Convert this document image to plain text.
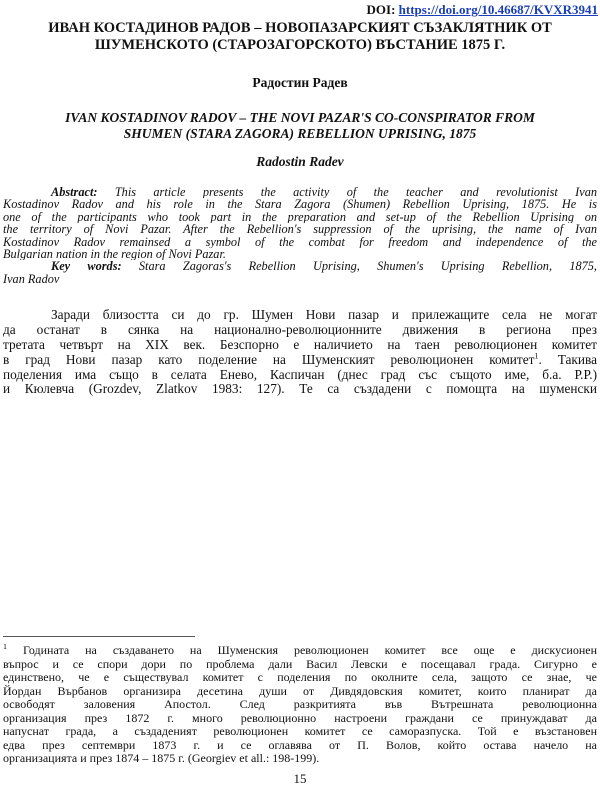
DOI: https://doi.org/10.46687/KVXR3941
ИВАН КОСТАДИНОВ РАДОВ – НОВОПАЗАРСКИЯТ СЪЗАКЛЯТНИК ОТ
ШУМЕНСКОТО (СТАРОЗАГОРСКОТО) ВЪСТАНИЕ 1875 Г.
Радостин Радев
IVAN KOSTADINOV RADOV – THE NOVI PAZAR'S CO-CONSPIRATOR FROM
SHUMEN (STARA ZAGORA) REBELLION UPRISING, 1875
Radostin Radev
Abstract: This article presents the activity of the teacher and revolutionist Ivan
Kostadinov Radov and his role in the Stara Zagora (Shumen) Rebellion Uprising, 1875. He is
one of the participants who took part in the preparation and set-up of the Rebellion Uprising on
the territory of Novi Pazar. After the Rebellion's suppression of the uprising, the name of Ivan
Kostadinov Radov remainsed a symbol of the combat for freedom and independence of the
Bulgarian nation in the region of Novi Pazar.
Key words: Stara Zagoras's Rebellion Uprising, Shumen's Uprising Rebellion, 1875,
Ivan Radov
Заради близостта си до гр. Шумен Нови пазар и прилежащите села не могат
да останат в сянка на национално-революционните движения в региона през
третата четвърт на XIX век. Безспорно е наличието на таен революционен комитет
в град Нови пазар като поделение на Шуменският революционен комитет$^1$. Такива
поделения има също в селата Еневo, Каспичан (днес град със същото име, б.а. Р.Р.)
и Кюлевча (Grozdev, Zlatkov 1983: 127). Те са създадени с помощта на шуменски
$^1$ Годината на създаването на Шуменския революционен комитет все още е дискусионен
въпрос и се спори дори по проблема дали Васил Левски е посещавал града. Сигурно е
единствено, че е съществувал комитет с поделения по околните села, защото се знае, че
Йордан Върбанов организира десетина души от Дивдядовския комитет, които планират да
освободят заловения Апостол. След разкритията във Вътрешната революционна
организация през 1872 г. много революционно настроени граждани се принуждават да
напуснат града, а създаденият революционен комитет се саморазпуска. Той е възстановен
едва през септември 1873 г. и се оглавява от П. Волов, който остава начело на
организацията и през 1874 – 1875 г. (Georgiev et all.: 198-199).
15
